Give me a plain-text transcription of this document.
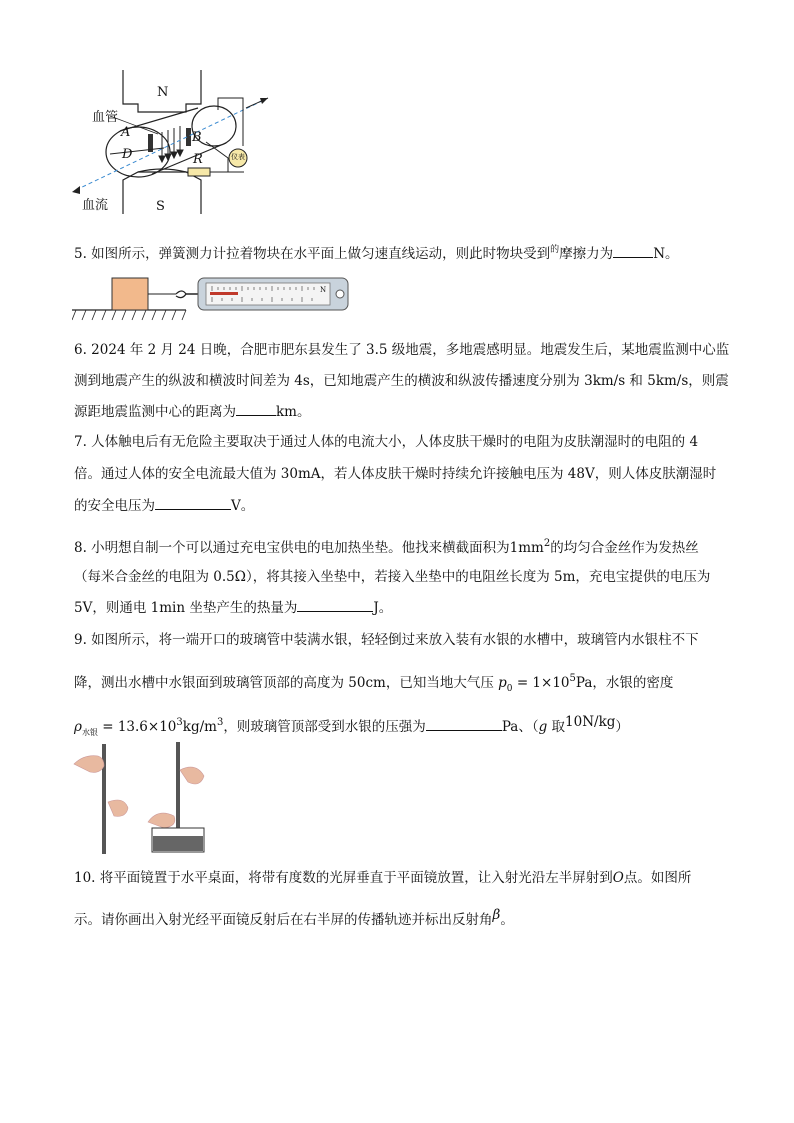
N
S
血管
A	B
D	R	仪表
血流
5. 如图所示，弹簧测力计拉着物块在水平面上做匀速直线运动，则此时物块受到$^的$摩擦力为	N。
N
6. 2024 年 2 月 24 日晚，合肥市肥东县发生了 3.5 级地震，多地震感明显。地震发生后，某地震监测中心监
测到地震产生的纵波和横波时间差为 4s，已知地震产生的横波和纵波传播速度分别为 3km/s 和 5km/s，则震
源距地震监测中心的距离为	km。
7. 人体触电后有无危险主要取决于通过人体的电流大小，人体皮肤干燥时的电阻为皮肤潮湿时的电阻的 4
倍。通过人体的安全电流最大值为 30mA，若人体皮肤干燥时持续允许接触电压为 48V，则人体皮肤潮湿时
的安全电压为	V。
8. 小明想自制一个可以通过充电宝供电的电加热坐垫。他找来横截面积为$1mm^2$的均匀合金丝作为发热丝
（每米合金丝的电阻为 0.5Ω），将其接入坐垫中，若接入坐垫中的电阻丝长度为 5m，充电宝提供的电压为
5V，则通电 1min 坐垫产生的热量为	J。
9. 如图所示，将一端开口的玻璃管中装满水银，轻轻倒过来放入装有水银的水槽中，玻璃管内水银柱不下
降，测出水槽中水银面到玻璃管顶部的高度为 50cm，已知当地大气压 $p_0 = 1\times 10^5Pa$，水银的密度
$\rho_{水银} = 13.6\times 10^3kg/m^3$，则玻璃管顶部受到水银的压强为	Pa、（g 取10N/kg）
10. 将平面镜置于水平桌面，将带有度数的光屏垂直于平面镜放置，让入射光沿左半屏射到O点。如图所
示。请你画出入射光经平面镜反射后在右半屏的传播轨迹并标出反射角β。
